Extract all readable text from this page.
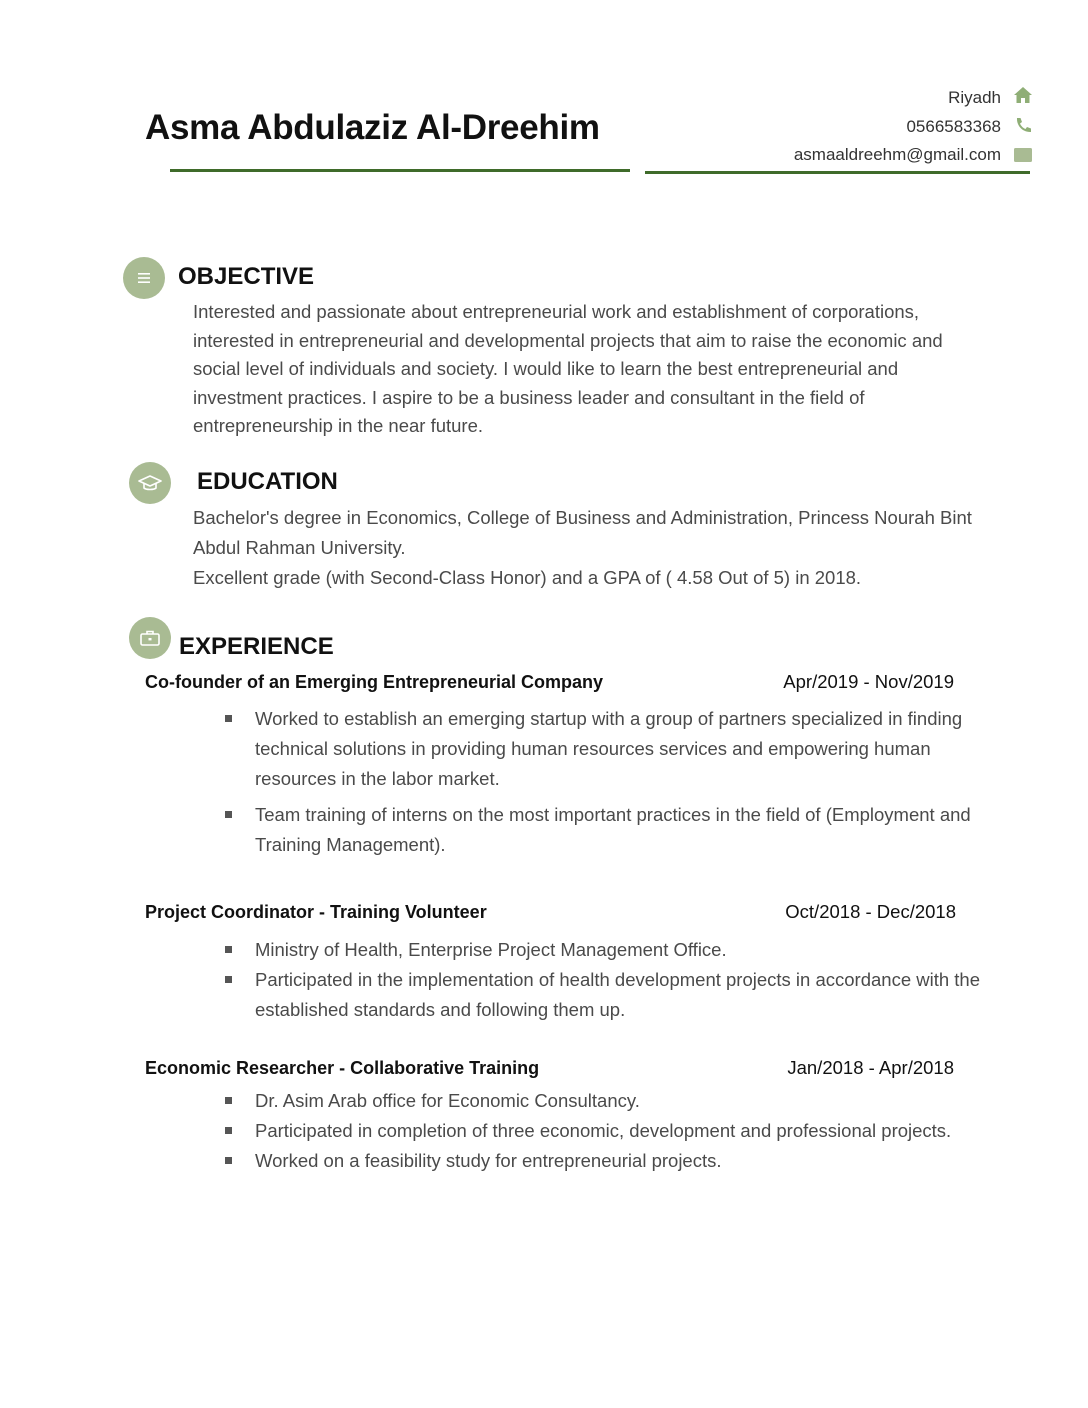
Asma Abdulaziz Al-Dreehim
Riyadh
0566583368
asmaaldreehm@gmail.com
OBJECTIVE
Interested and passionate about entrepreneurial work and establishment of corporations, interested in entrepreneurial and developmental projects that aim to raise the economic and social level of individuals and society. I would like to learn the best entrepreneurial and investment practices. I aspire to be a business leader and consultant in the field of entrepreneurship in the near future.
EDUCATION
Bachelor's degree in Economics, College of Business and Administration, Princess Nourah Bint Abdul Rahman University.
Excellent grade (with Second-Class Honor) and a GPA of ( 4.58 Out of 5) in 2018.
EXPERIENCE
Co-founder of an Emerging Entrepreneurial Company	Apr/2019 - Nov/2019
Worked to establish an emerging startup with a group of partners specialized in finding technical solutions in providing human resources services and empowering human resources in the labor market.
Team training of interns on the most important practices in the field of (Employment and Training Management).
Project Coordinator - Training Volunteer	Oct/2018 - Dec/2018
Ministry of Health, Enterprise Project Management Office.
Participated in the implementation of health development projects in accordance with the established standards and following them up.
Economic Researcher - Collaborative Training	Jan/2018 - Apr/2018
Dr. Asim Arab office for Economic Consultancy.
Participated in completion of three economic, development and professional projects.
Worked on a feasibility study for entrepreneurial projects.
